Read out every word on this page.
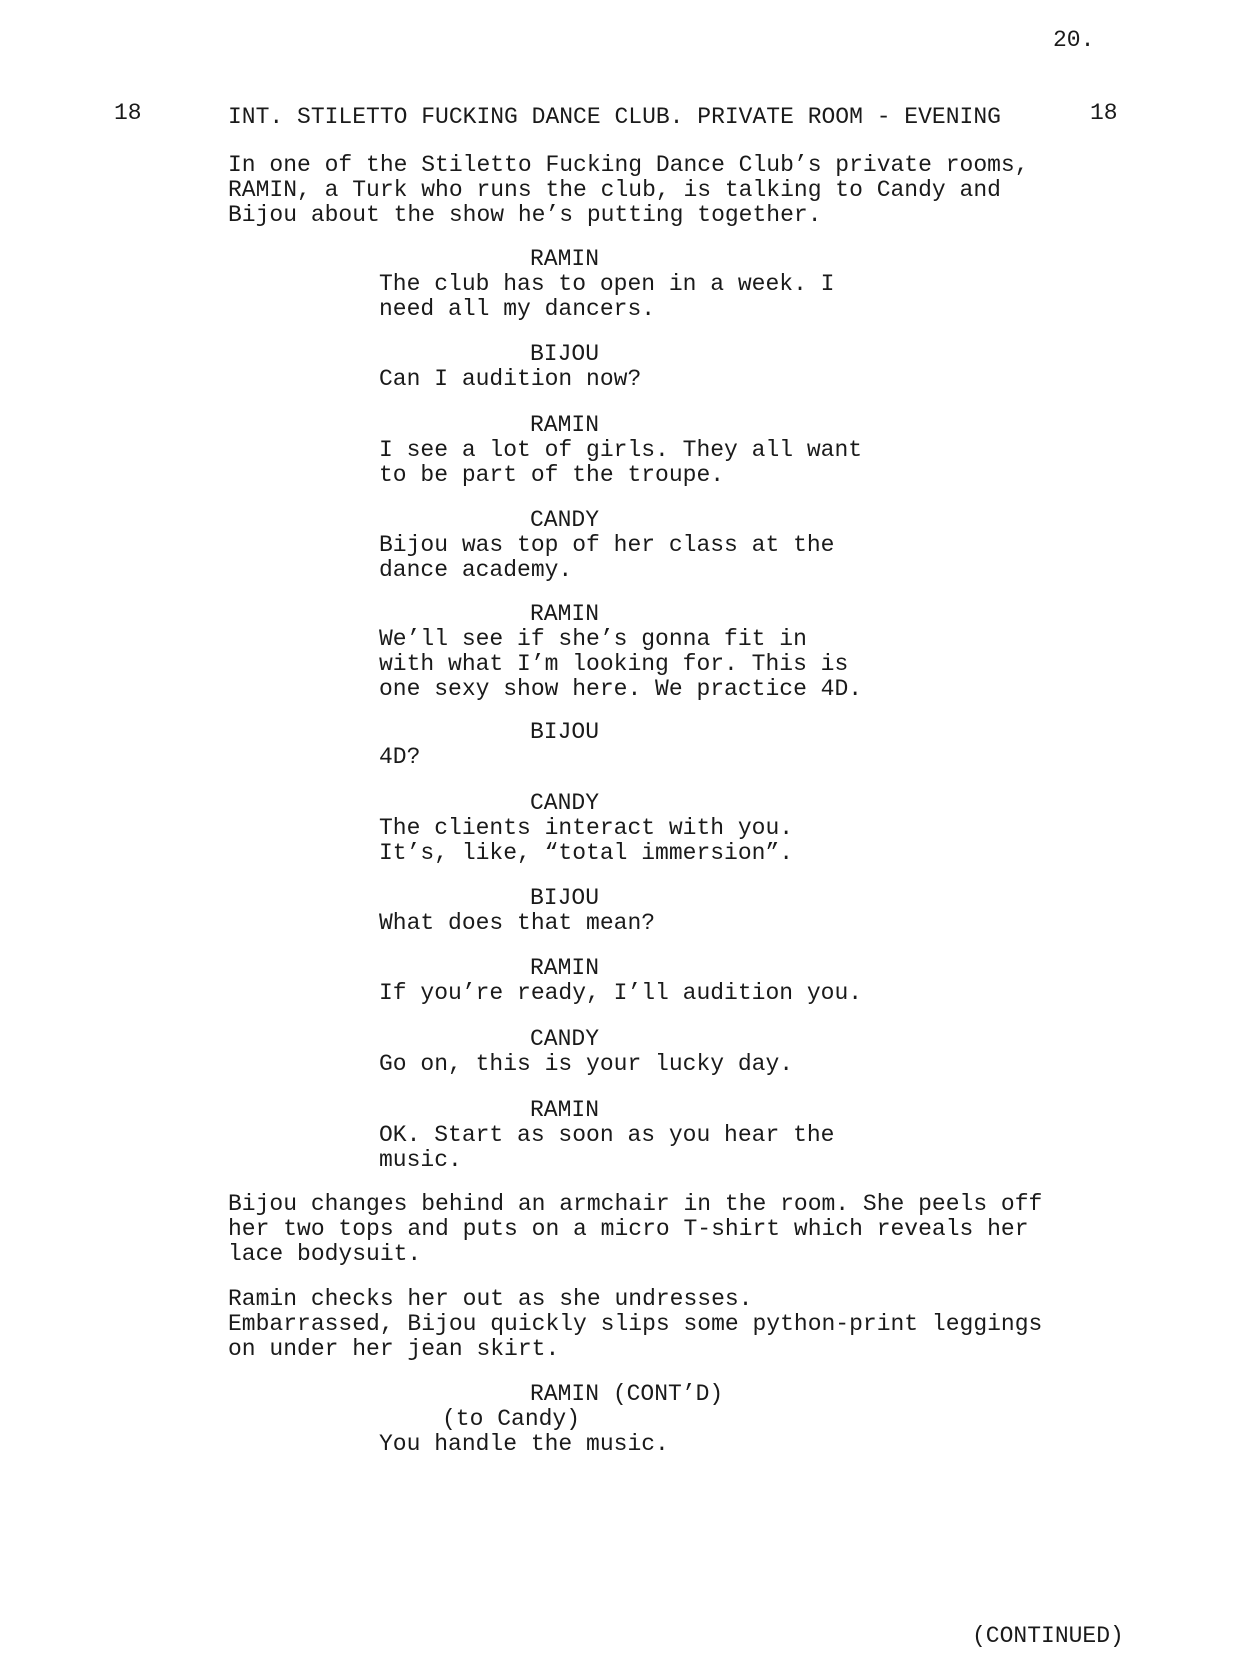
20.
18	INT. STILETTO FUCKING DANCE CLUB. PRIVATE ROOM - EVENING	18
In one of the Stiletto Fucking Dance Club’s private rooms,
RAMIN, a Turk who runs the club, is talking to Candy and
Bijou about the show he’s putting together.
RAMIN
The club has to open in a week. I
need all my dancers.
BIJOU
Can I audition now?
RAMIN
I see a lot of girls. They all want
to be part of the troupe.
CANDY
Bijou was top of her class at the
dance academy.
RAMIN
We’ll see if she’s gonna fit in
with what I’m looking for. This is
one sexy show here. We practice 4D.
BIJOU
4D?
CANDY
The clients interact with you.
It’s, like, “total immersion”.
BIJOU
What does that mean?
RAMIN
If you’re ready, I’ll audition you.
CANDY
Go on, this is your lucky day.
RAMIN
OK. Start as soon as you hear the
music.
Bijou changes behind an armchair in the room. She peels off
her two tops and puts on a micro T-shirt which reveals her
lace bodysuit.
Ramin checks her out as she undresses.
Embarrassed, Bijou quickly slips some python-print leggings
on under her jean skirt.
RAMIN (CONT’D)
(to Candy)
You handle the music.
(CONTINUED)
